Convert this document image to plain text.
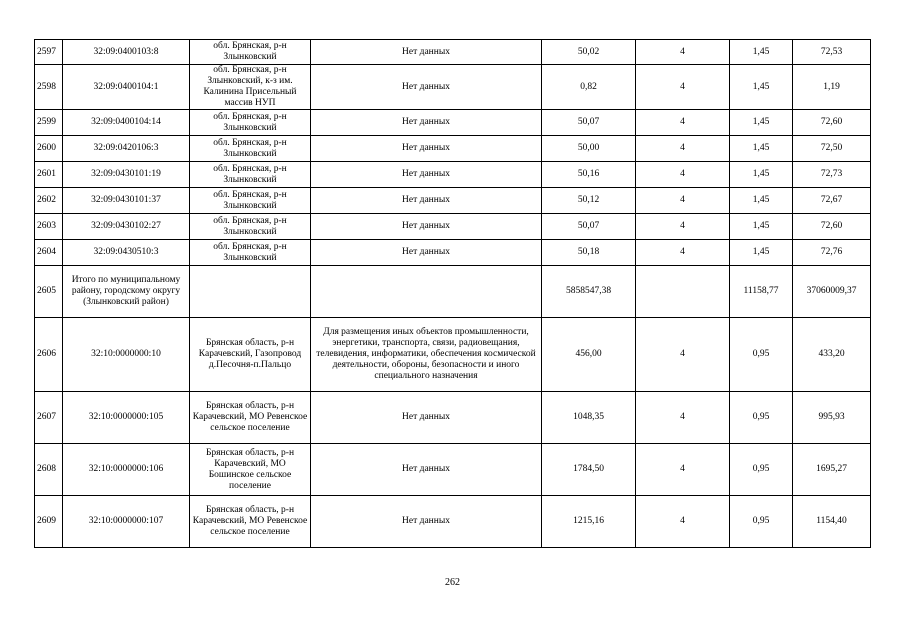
2597	32:09:0400103:8	обл. Брянская, р-н Злынковский	Нет данных	50,02	4	1,45	72,53
2598	32:09:0400104:1	обл. Брянская, р-н Злынковский, к-з им. Калинина Присельный массив НУП	Нет данных	0,82	4	1,45	1,19
2599	32:09:0400104:14	обл. Брянская, р-н Злынковский	Нет данных	50,07	4	1,45	72,60
2600	32:09:0420106:3	обл. Брянская, р-н Злынковский	Нет данных	50,00	4	1,45	72,50
2601	32:09:0430101:19	обл. Брянская, р-н Злынковский	Нет данных	50,16	4	1,45	72,73
2602	32:09:0430101:37	обл. Брянская, р-н Злынковский	Нет данных	50,12	4	1,45	72,67
2603	32:09:0430102:27	обл. Брянская, р-н Злынковский	Нет данных	50,07	4	1,45	72,60
2604	32:09:0430510:3	обл. Брянская, р-н Злынковский	Нет данных	50,18	4	1,45	72,76
2605	Итого по муниципальному району, городскому округу (Злынковский район)			5858547,38		11158,77	37060009,37
2606	32:10:0000000:10	Брянская область, р-н Карачевский, Газопровод д.Песочня-п.Пальцо	Для размещения иных объектов промышленности, энергетики, транспорта, связи, радиовещания, телевидения, информатики, обеспечения космической деятельности, обороны, безопасности и иного специального назначения	456,00	4	0,95	433,20
2607	32:10:0000000:105	Брянская область, р-н Карачевский, МО Ревенское сельское поселение	Нет данных	1048,35	4	0,95	995,93
2608	32:10:0000000:106	Брянская область, р-н Карачевский, МО Бошинское сельское поселение	Нет данных	1784,50	4	0,95	1695,27
2609	32:10:0000000:107	Брянская область, р-н Карачевский, МО Ревенское сельское поселение	Нет данных	1215,16	4	0,95	1154,40
262
